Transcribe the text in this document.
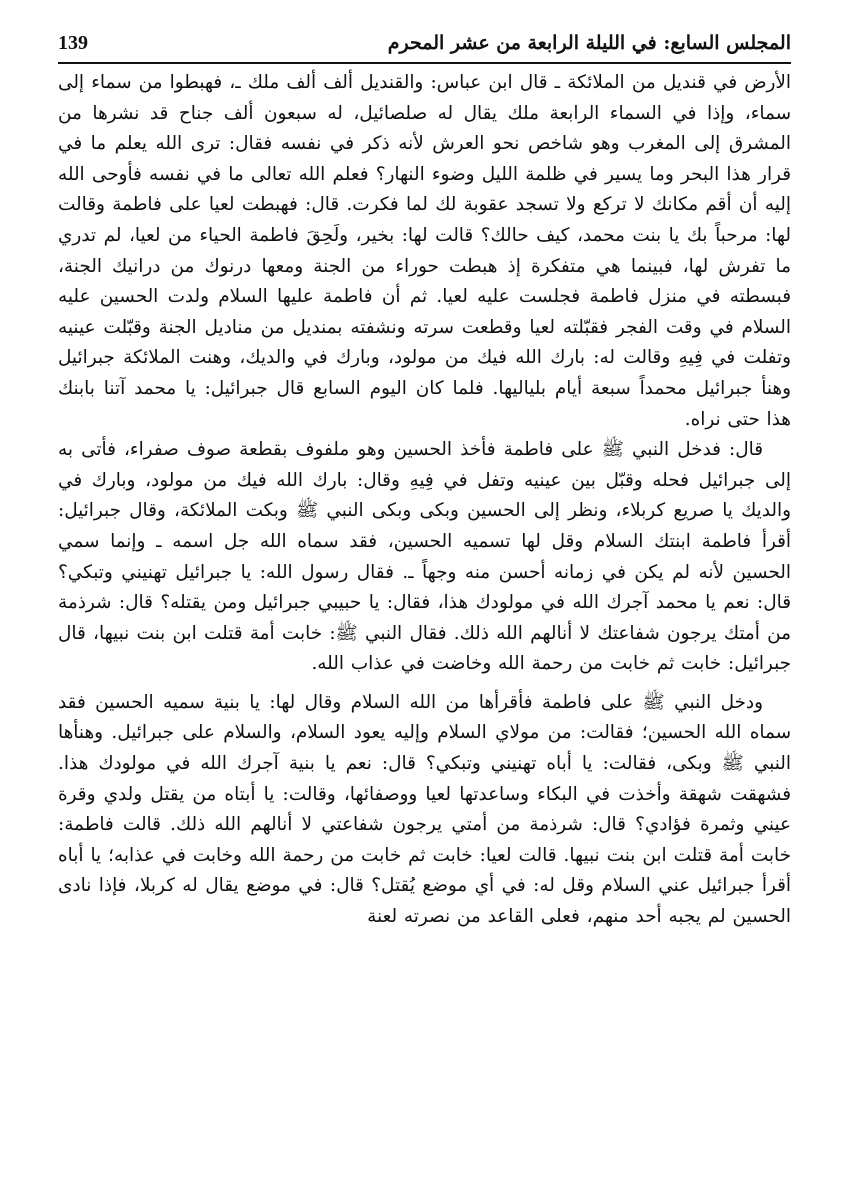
المجلس السابع: في الليلة الرابعة من عشر المحرم
139

الأرض في قنديل من الملائكة ـ قال ابن عباس: والقنديل ألف ألف ملك ـ، فهبطوا من سماء إلى سماء، وإذا في السماء الرابعة ملك يقال له صلصائيل، له سبعون ألف جناح قد نشرها من المشرق إلى المغرب وهو شاخص نحو العرش لأنه ذكر في نفسه فقال: ترى الله يعلم ما في قرار هذا البحر وما يسير في ظلمة الليل وضوء النهار؟ فعلم الله تعالى ما في نفسه فأوحى الله إليه أن أقم مكانك لا تركع ولا تسجد عقوبة لك لما فكرت. قال: فهبطت لعيا على فاطمة وقالت لها: مرحباً بك يا بنت محمد، كيف حالك؟ قالت لها: بخير، ولَحِقَ فاطمة الحياء من لعيا، لم تدري ما تفرش لها، فبينما هي متفكرة إذ هبطت حوراء من الجنة ومعها درنوك من درانيك الجنة، فبسطته في منزل فاطمة فجلست عليه لعيا. ثم أن فاطمة عليها السلام ولدت الحسين عليه السلام في وقت الفجر فقبّلته لعيا وقطعت سرته ونشفته بمنديل من مناديل الجنة وقبّلت عينيه وتفلت في فِيهِ وقالت له: بارك الله فيك من مولود، وبارك في والديك، وهنت الملائكة جبرائيل وهنأ جبرائيل محمداً سبعة أيام بلياليها. فلما كان اليوم السابع قال جبرائيل: يا محمد آتنا بابنك هذا حتى نراه.

قال: فدخل النبي ﷺ على فاطمة فأخذ الحسين وهو ملفوف بقطعة صوف صفراء، فأتى به إلى جبرائيل فحله وقبّل بين عينيه وتفل في فِيهِ وقال: بارك الله فيك من مولود، وبارك في والديك يا صريع كربلاء، ونظر إلى الحسين وبكى وبكى النبي ﷺ وبكت الملائكة، وقال جبرائيل: أقرأ فاطمة ابنتك السلام وقل لها تسميه الحسين، فقد سماه الله جل اسمه ـ وإنما سمي الحسين لأنه لم يكن في زمانه أحسن منه وجهاً ـ. فقال رسول الله: يا جبرائيل تهنيني وتبكي؟ قال: نعم يا محمد آجرك الله في مولودك هذا، فقال: يا حبيبي جبرائيل ومن يقتله؟ قال: شرذمة من أمتك يرجون شفاعتك لا أنالهم الله ذلك. فقال النبي ﷺ: خابت أمة قتلت ابن بنت نبيها، قال جبرائيل: خابت ثم خابت من رحمة الله وخاضت في عذاب الله.

ودخل النبي ﷺ على فاطمة فأقرأها من الله السلام وقال لها: يا بنية سميه الحسين فقد سماه الله الحسين؛ فقالت: من مولاي السلام وإليه يعود السلام، والسلام على جبرائيل. وهنأها النبي ﷺ وبكى، فقالت: يا أباه تهنيني وتبكي؟ قال: نعم يا بنية آجرك الله في مولودك هذا. فشهقت شهقة وأخذت في البكاء وساعدتها لعيا ووصفائها، وقالت: يا أبتاه من يقتل ولدي وقرة عيني وثمرة فؤادي؟ قال: شرذمة من أمتي يرجون شفاعتي لا أنالهم الله ذلك. قالت فاطمة: خابت أمة قتلت ابن بنت نبيها. قالت لعيا: خابت ثم خابت من رحمة الله وخابت في عذابه؛ يا أباه أقرأ جبرائيل عني السلام وقل له: في أي موضع يُقتل؟ قال: في موضع يقال له كربلا، فإذا نادى الحسين لم يجبه أحد منهم، فعلى القاعد من نصرته لعنة
